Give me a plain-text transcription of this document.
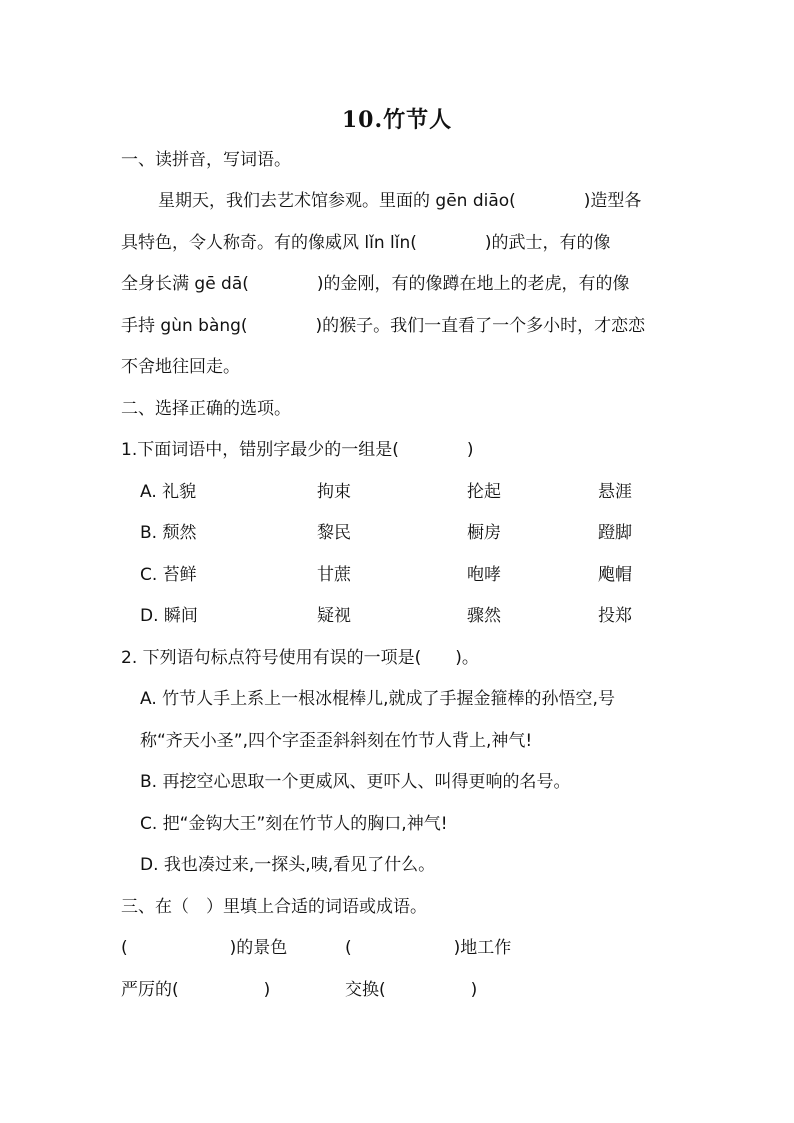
10.竹节人
一、读拼音，写词语。
星期天，我们去艺术馆参观。里面的 gēn diāo(　　　　)造型各
具特色，令人称奇。有的像威风 lǐn lǐn(　　　　)的武士，有的像
全身长满 gē dā(　　　　)的金刚，有的像蹲在地上的老虎，有的像
手持 gùn bàng(　　　　)的猴子。我们一直看了一个多小时，才恋恋
不舍地往回走。
二、选择正确的选项。
1.下面词语中，错别字最少的一组是(　　　　)
A. 礼貌	拘束	抡起	悬涯
B. 颓然	黎民	橱房	蹬脚
C. 苔鲜	甘蔗	咆哮	飑帽
D. 瞬间	疑视	骤然	投郑
2. 下列语句标点符号使用有误的一项是(　　)。
A. 竹节人手上系上一根冰棍棒儿,就成了手握金箍棒的孙悟空,号
称“齐天小圣”,四个字歪歪斜斜刻在竹节人背上,神气!
B. 再挖空心思取一个更威风、更吓人、叫得更响的名号。
C. 把“金钩大王”刻在竹节人的胸口,神气!
D. 我也凑过来,一探头,咦,看见了什么。
三、在（　）里填上合适的词语或成语。
(　　　　　　)的景色	(　　　　　　)地工作
严厉的(　　　　　)	交换(　　　　　)
